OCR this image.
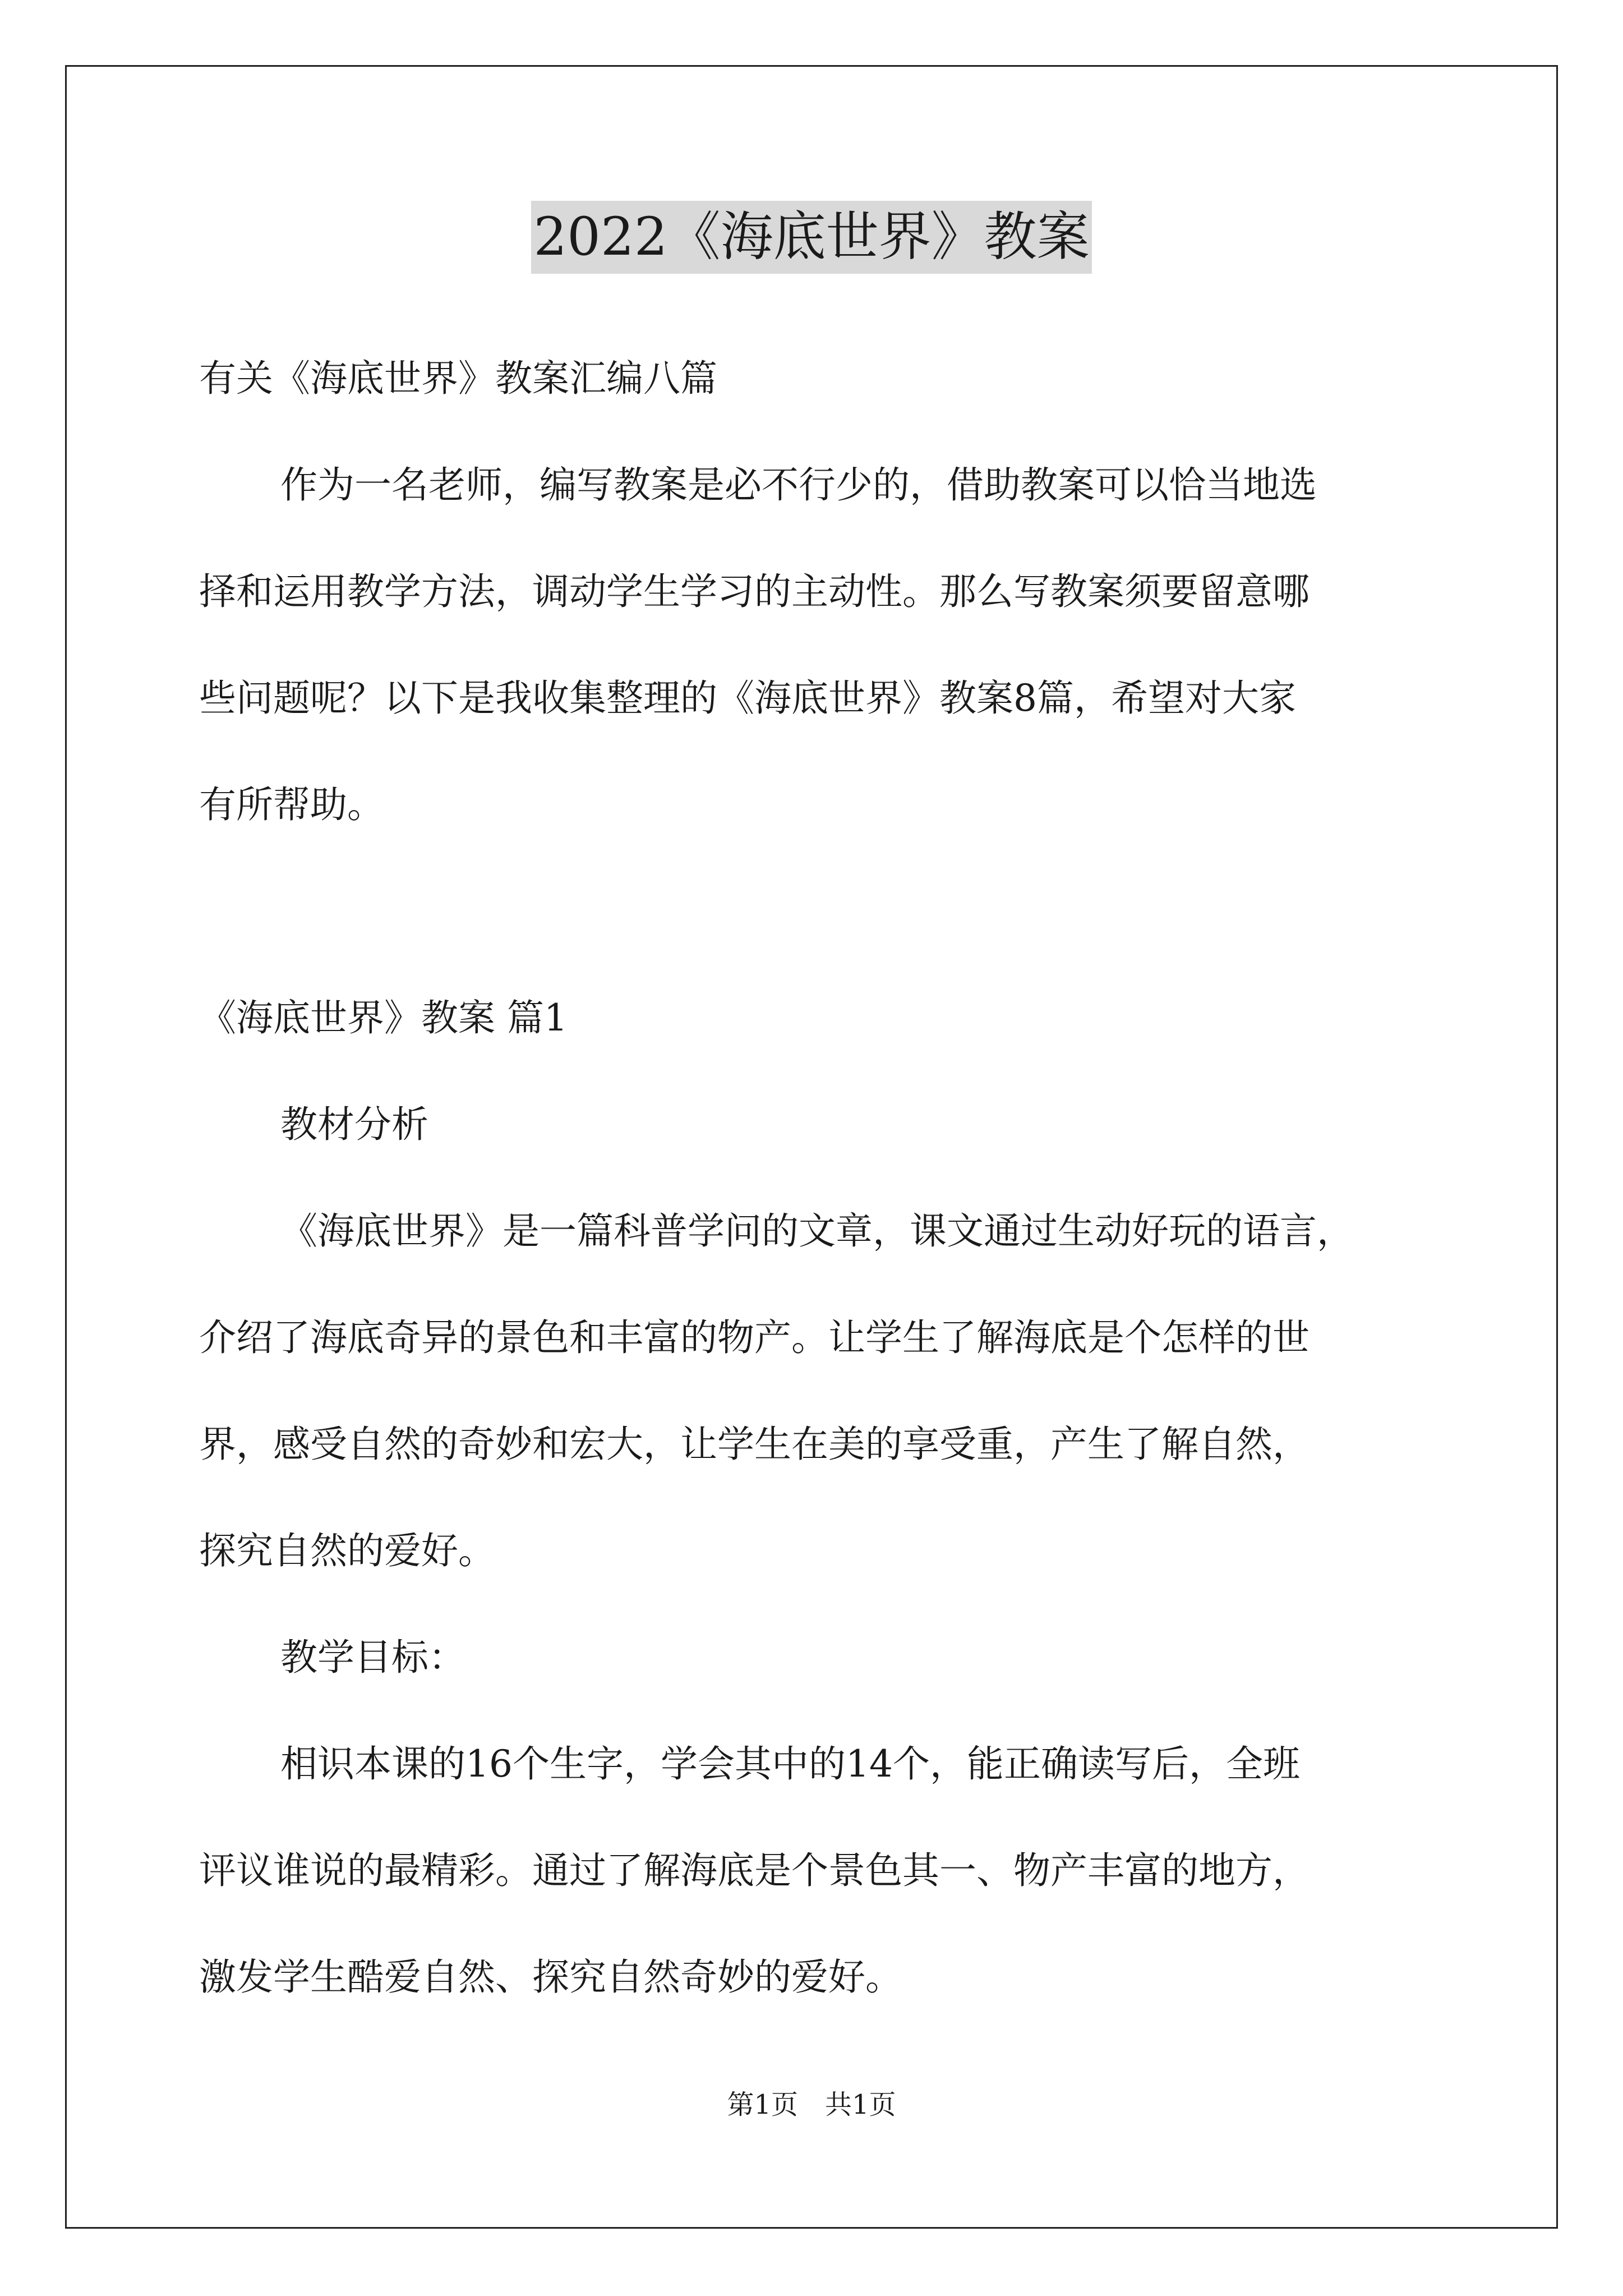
2022《海底世界》教案
有关《海底世界》教案汇编八篇
作为一名老师，编写教案是必不行少的，借助教案可以恰当地选
择和运用教学方法，调动学生学习的主动性。那么写教案须要留意哪
些问题呢？以下是我收集整理的《海底世界》教案8篇，希望对大家
有所帮助。
《海底世界》教案 篇1
教材分析
《海底世界》是一篇科普学问的文章，课文通过生动好玩的语言，
介绍了海底奇异的景色和丰富的物产。让学生了解海底是个怎样的世
界，感受自然的奇妙和宏大，让学生在美的享受重，产生了解自然，
探究自然的爱好。
教学目标：
相识本课的16个生字，学会其中的14个，能正确读写后，全班
评议谁说的最精彩。通过了解海底是个景色其一、物产丰富的地方，
激发学生酷爱自然、探究自然奇妙的爱好。
第1页　共1页
